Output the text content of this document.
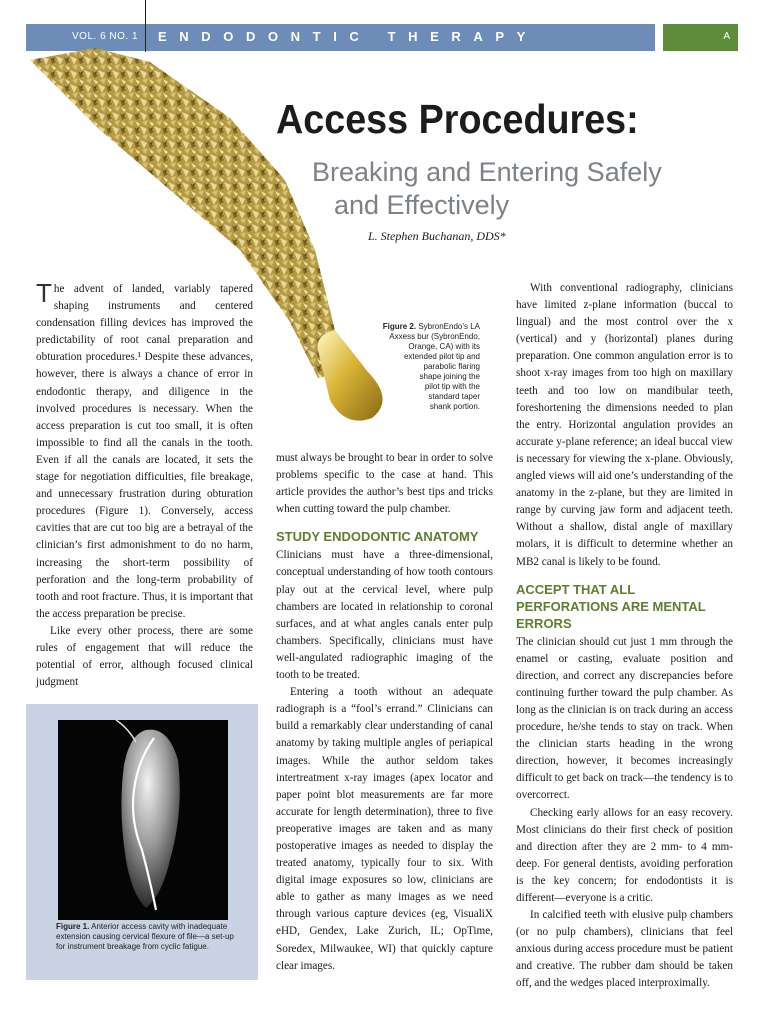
VOL. 6 NO. 1 ENDODONTIC THERAPY	A
Access Procedures:
Breaking and Entering Safely
and Effectively
L. Stephen Buchanan, DDS*
Figure 2. SybronEndo’s LA
Axxess bur (SybronEndo,
Orange, CA) with its
extended pilot tip and
parabolic flaring
shape joining the
pilot tip with the
standard taper
shank portion.

The advent of landed, variably tapered shaping instruments and centered condensation filling devices has improved the predictability of root canal preparation and obturation procedures.¹ Despite these advances, however, there is always a chance of error in endodontic therapy, and diligence in the involved procedures is necessary. When the access preparation is cut too small, it is often impossible to find all the canals in the tooth. Even if all the canals are located, it sets the stage for negotiation difficulties, file breakage, and unnecessary frustration during obturation procedures (Figure 1). Conversely, access cavities that are cut too big are a betrayal of the clinician’s first admonishment to do no harm, increasing the short-term possibility of perforation and the long-term probability of tooth and root fracture. Thus, it is important that the access preparation be precise.

Like every other process, there are some rules of engagement that will reduce the potential of error, although focused clinical judgment

Figure 1. Anterior access cavity with inadequate extension causing cervical flexure of file—a set-up for instrument breakage from cyclic fatigue.

must always be brought to bear in order to solve problems specific to the case at hand. This article provides the author’s best tips and tricks when cutting toward the pulp chamber.

STUDY ENDODONTIC ANATOMY

Clinicians must have a three-dimensional, conceptual understanding of how tooth contours play out at the cervical level, where pulp chambers are located in relationship to coronal surfaces, and at what angles canals enter pulp chambers. Specifically, clinicians must have well-angulated radiographic imaging of the tooth to be treated.

Entering a tooth without an adequate radiograph is a “fool’s errand.” Clinicians can build a remarkably clear understanding of canal anatomy by taking multiple angles of periapical images. While the author seldom takes intertreatment x-ray images (apex locator and paper point blot measurements are far more accurate for length determination), three to five preoperative images are taken and as many postoperative images as needed to display the treated anatomy, typically four to six. With digital image exposures so low, clinicians are able to gather as many images as we need through various capture devices (eg, VisualiX eHD, Gendex, Lake Zurich, IL; OpTime, Soredex, Milwaukee, WI) that quickly capture clear images.

With conventional radiography, clinicians have limited z-plane information (buccal to lingual) and the most control over the x (vertical) and y (horizontal) planes during preparation. One common angulation error is to shoot x-ray images from too high on maxillary teeth and too low on mandibular teeth, foreshortening the dimensions needed to plan the entry. Horizontal angulation provides an accurate y-plane reference; an ideal buccal view is necessary for viewing the x-plane. Obviously, angled views will aid one’s understanding of the anatomy in the z-plane, but they are limited in range by curving jaw form and adjacent teeth. Without a shallow, distal angle of maxillary molars, it is difficult to determine whether an MB2 canal is likely to be found.

ACCEPT THAT ALL PERFORATIONS ARE MENTAL ERRORS

The clinician should cut just 1 mm through the enamel or casting, evaluate position and direction, and correct any discrepancies before continuing further toward the pulp chamber. As long as the clinician is on track during an access procedure, he/she tends to stay on track. When the clinician starts heading in the wrong direction, however, it becomes increasingly difficult to get back on track—the tendency is to overcorrect.

Checking early allows for an easy recovery. Most clinicians do their first check of position and direction after they are 2 mm- to 4 mm-deep. For general dentists, avoiding perforation is the key concern; for endodontists it is different—everyone is a critic.

In calcified teeth with elusive pulp chambers (or no pulp chambers), clinicians that feel anxious during access procedure must be patient and creative. The rubber dam should be taken off, and the wedges placed interproximally.
